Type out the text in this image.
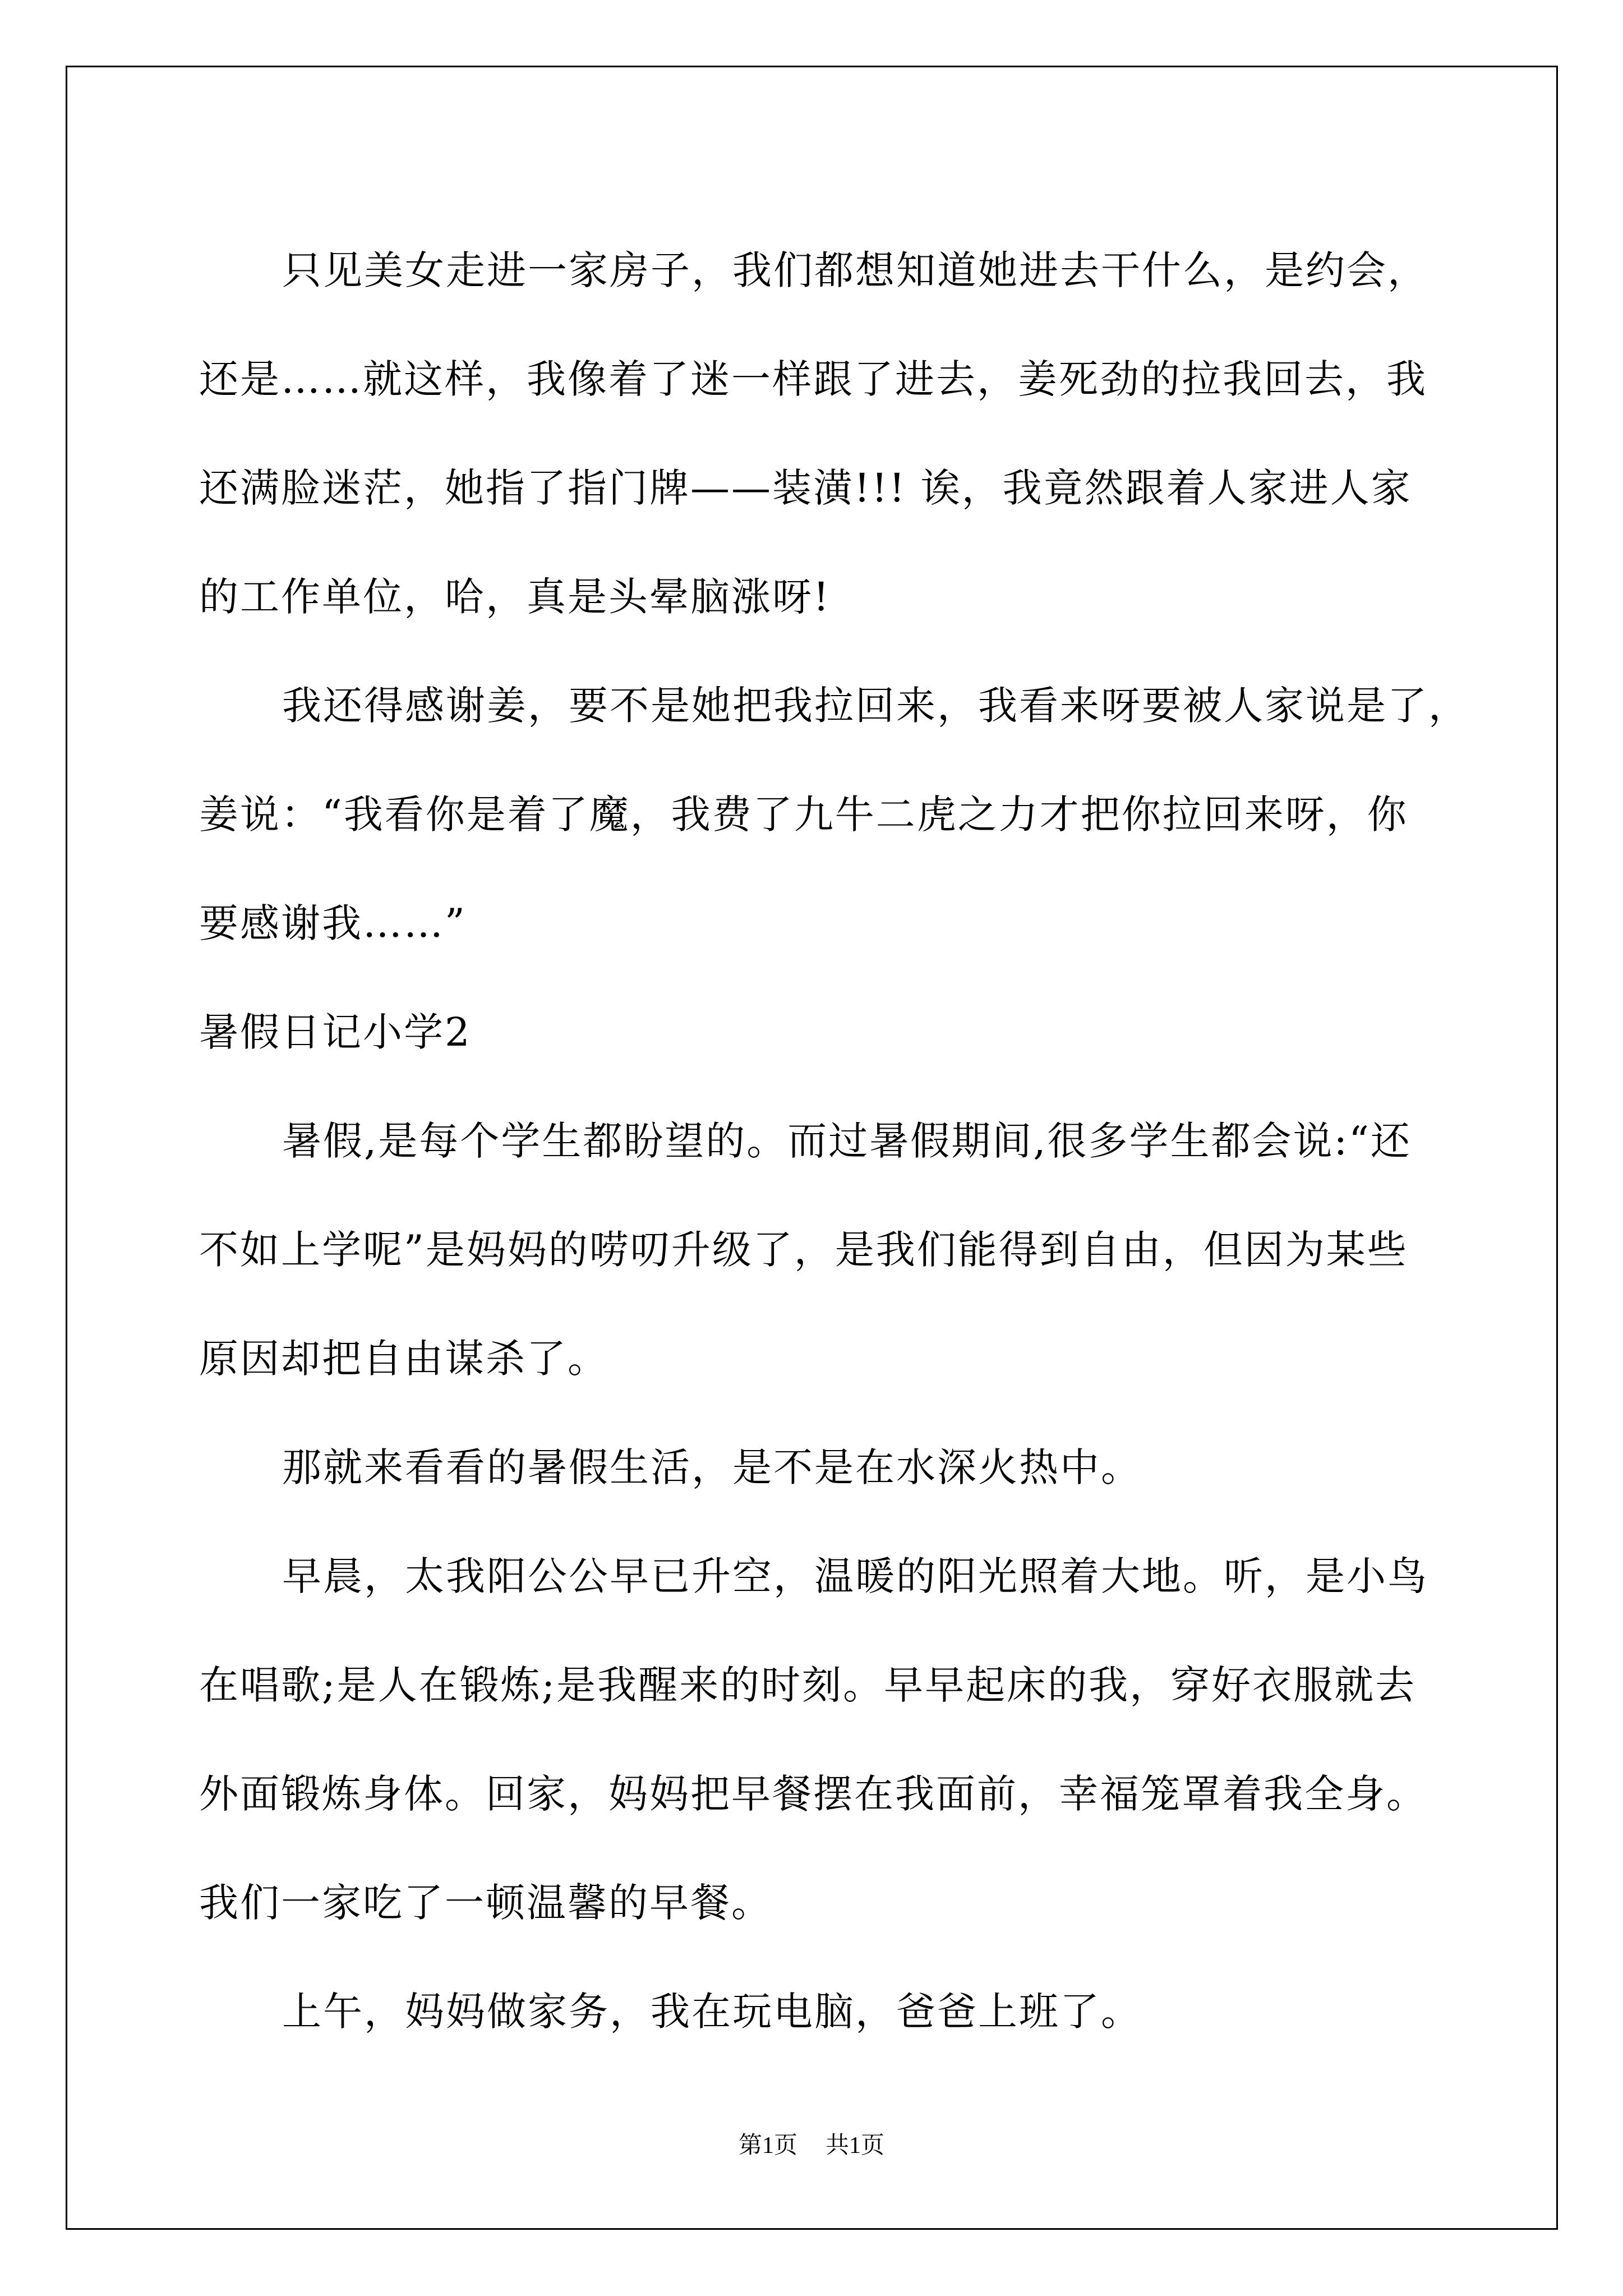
只见美女走进一家房子，我们都想知道她进去干什么，是约会，
还是……就这样，我像着了迷一样跟了进去，姜死劲的拉我回去，我
还满脸迷茫，她指了指门牌——装潢!!! 诶，我竟然跟着人家进人家
的工作单位，哈，真是头晕脑涨呀!
我还得感谢姜，要不是她把我拉回来，我看来呀要被人家说是了，
姜说：“我看你是着了魔，我费了九牛二虎之力才把你拉回来呀，你
要感谢我……”
暑假日记小学2
暑假,是每个学生都盼望的。而过暑假期间,很多学生都会说:“还
不如上学呢”是妈妈的唠叨升级了，是我们能得到自由，但因为某些
原因却把自由谋杀了。
那就来看看的暑假生活，是不是在水深火热中。
早晨，太我阳公公早已升空，温暖的阳光照着大地。听，是小鸟
在唱歌;是人在锻炼;是我醒来的时刻。早早起床的我，穿好衣服就去
外面锻炼身体。回家，妈妈把早餐摆在我面前，幸福笼罩着我全身。
我们一家吃了一顿温馨的早餐。
上午，妈妈做家务，我在玩电脑，爸爸上班了。
第1页 共1页
